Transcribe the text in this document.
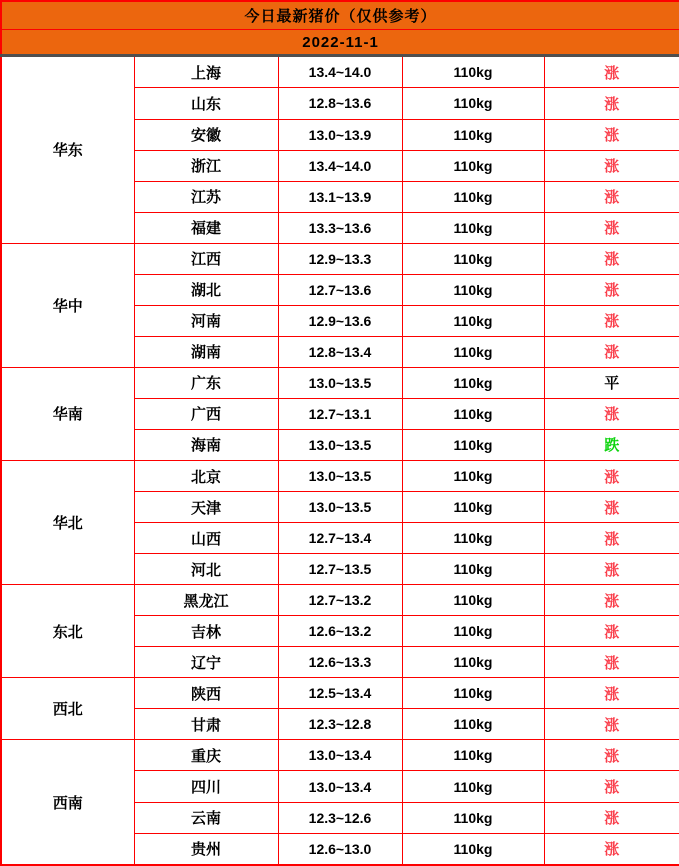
今日最新猪价（仅供参考）				
2022-11-1				
华东	上海	13.4~14.0	110kg	涨
	山东	12.8~13.6	110kg	涨
	安徽	13.0~13.9	110kg	涨
	浙江	13.4~14.0	110kg	涨
	江苏	13.1~13.9	110kg	涨
	福建	13.3~13.6	110kg	涨
华中	江西	12.9~13.3	110kg	涨
	湖北	12.7~13.6	110kg	涨
	河南	12.9~13.6	110kg	涨
	湖南	12.8~13.4	110kg	涨
华南	广东	13.0~13.5	110kg	平
	广西	12.7~13.1	110kg	涨
	海南	13.0~13.5	110kg	跌
华北	北京	13.0~13.5	110kg	涨
	天津	13.0~13.5	110kg	涨
	山西	12.7~13.4	110kg	涨
	河北	12.7~13.5	110kg	涨
东北	黑龙江	12.7~13.2	110kg	涨
	吉林	12.6~13.2	110kg	涨
	辽宁	12.6~13.3	110kg	涨
西北	陕西	12.5~13.4	110kg	涨
	甘肃	12.3~12.8	110kg	涨
西南	重庆	13.0~13.4	110kg	涨
	四川	13.0~13.4	110kg	涨
	云南	12.3~12.6	110kg	涨
	贵州	12.6~13.0	110kg	涨
